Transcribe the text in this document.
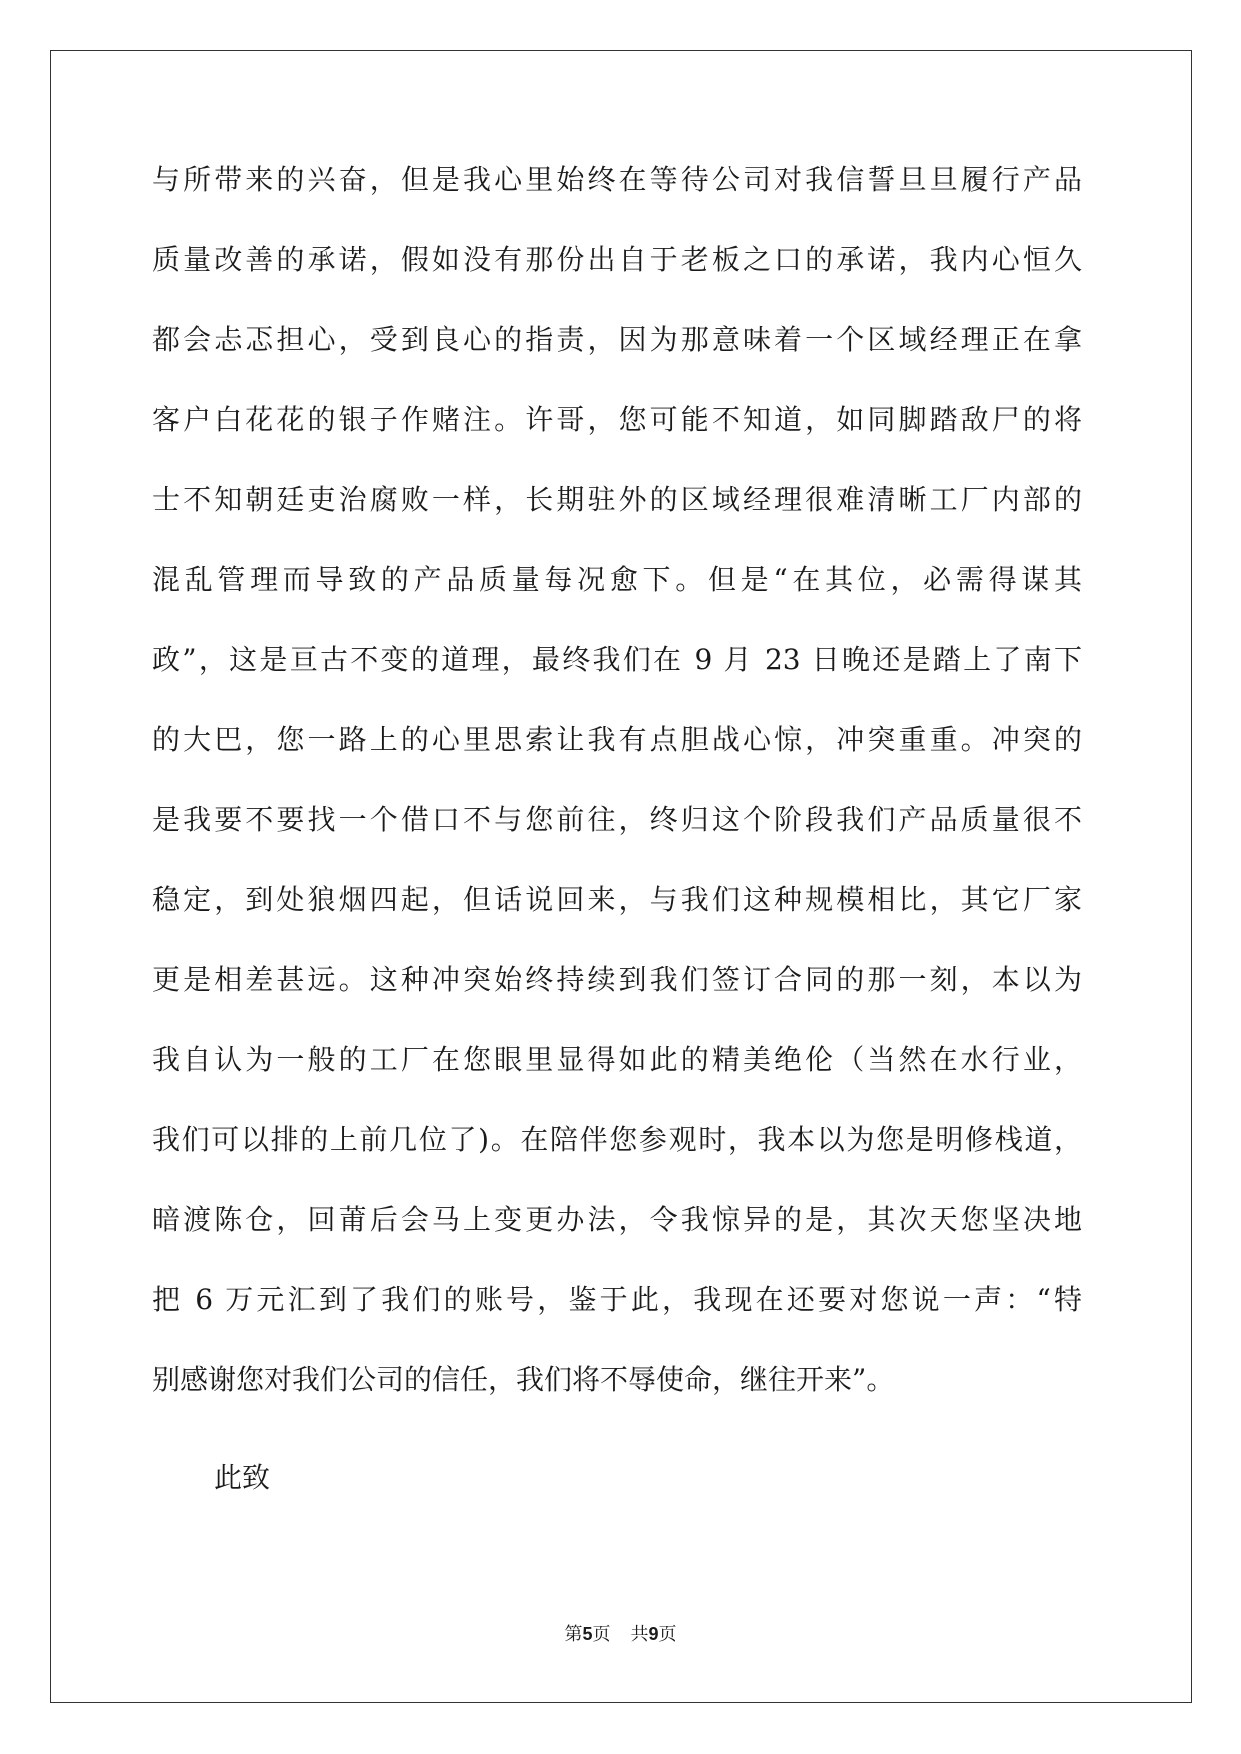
与所带来的兴奋，但是我心里始终在等待公司对我信誓旦旦履行产品
质量改善的承诺，假如没有那份出自于老板之口的承诺，我内心恒久
都会忐忑担心，受到良心的指责，因为那意味着一个区域经理正在拿
客户白花花的银子作赌注。许哥，您可能不知道，如同脚踏敌尸的将
士不知朝廷吏治腐败一样，长期驻外的区域经理很难清晰工厂内部的
混乱管理而导致的产品质量每况愈下。但是“在其位，必需得谋其
政”，这是亘古不变的道理，最终我们在 9 月 23 日晚还是踏上了南下
的大巴，您一路上的心里思索让我有点胆战心惊，冲突重重。冲突的
是我要不要找一个借口不与您前往，终归这个阶段我们产品质量很不
稳定，到处狼烟四起，但话说回来，与我们这种规模相比，其它厂家
更是相差甚远。这种冲突始终持续到我们签订合同的那一刻，本以为
我自认为一般的工厂在您眼里显得如此的精美绝伦（当然在水行业，
我们可以排的上前几位了)。在陪伴您参观时，我本以为您是明修栈道，
暗渡陈仓，回莆后会马上变更办法，令我惊异的是，其次天您坚决地
把 6 万元汇到了我们的账号，鉴于此，我现在还要对您说一声：“特
别感谢您对我们公司的信任，我们将不辱使命，继往开来”。
此致
第5页 共9页
